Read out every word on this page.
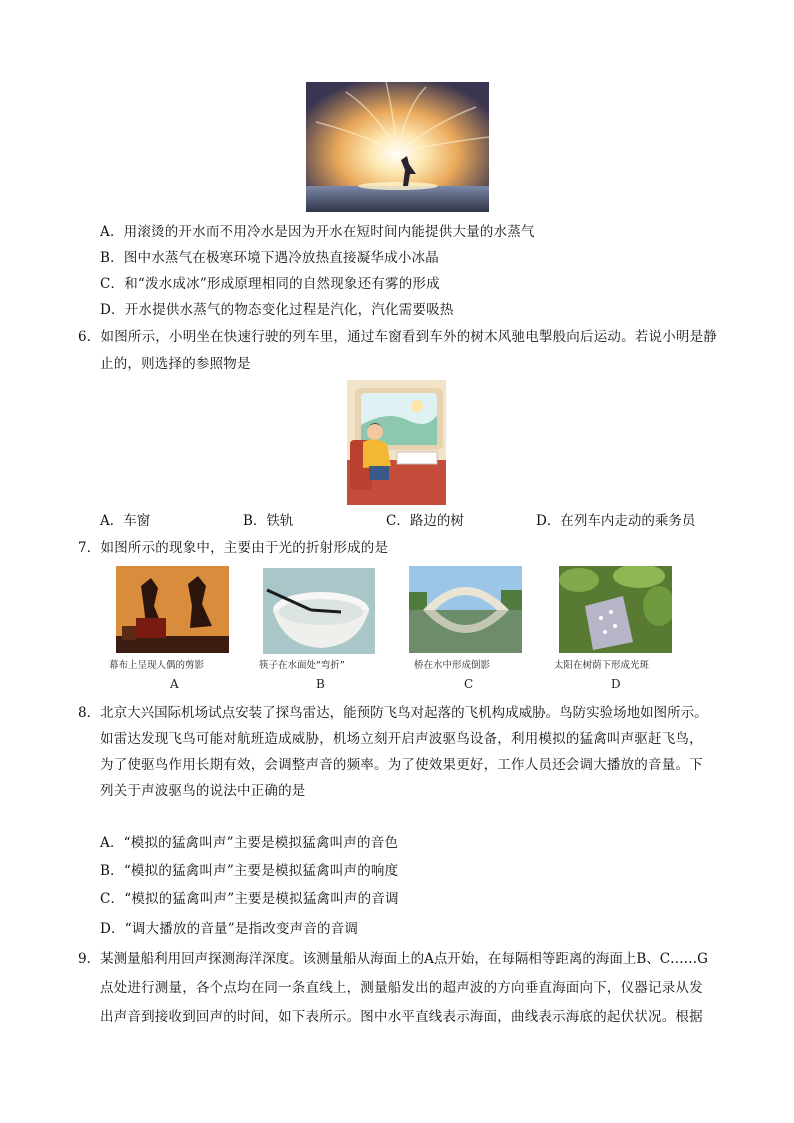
A．用滚烫的开水而不用冷水是因为开水在短时间内能提供大量的水蒸气
B．图中水蒸气在极寒环境下遇冷放热直接凝华成小冰晶
C．和“泼水成冰”形成原理相同的自然现象还有雾的形成
D．开水提供水蒸气的物态变化过程是汽化，汽化需要吸热
6．如图所示，小明坐在快速行驶的列车里，通过车窗看到车外的树木风驰电掣般向后运动。若说小明是静
止的，则选择的参照物是
A．车窗	B．铁轨	C．路边的树	D．在列车内走动的乘务员
7．如图所示的现象中，主要由于光的折射形成的是
幕布上呈现人偶的剪影	筷子在水面处“弯折”	桥在水中形成倒影	太阳在树荫下形成光斑
A	B	C	D
8．北京大兴国际机场试点安装了探鸟雷达，能预防飞鸟对起落的飞机构成威胁。鸟防实验场地如图所示。
如雷达发现飞鸟可能对航班造成威胁，机场立刻开启声波驱鸟设备，利用模拟的猛禽叫声驱赶飞鸟，
为了使驱鸟作用长期有效，会调整声音的频率。为了使效果更好，工作人员还会调大播放的音量。下
列关于声波驱鸟的说法中正确的是
A．“模拟的猛禽叫声”主要是模拟猛禽叫声的音色
B．“模拟的猛禽叫声”主要是模拟猛禽叫声的响度
C．“模拟的猛禽叫声”主要是模拟猛禽叫声的音调
D．“调大播放的音量”是指改变声音的音调
9．某测量船利用回声探测海洋深度。该测量船从海面上的A点开始，在每隔相等距离的海面上B、C……G
点处进行测量，各个点均在同一条直线上，测量船发出的超声波的方向垂直海面向下，仪器记录从发
出声音到接收到回声的时间，如下表所示。图中水平直线表示海面，曲线表示海底的起伏状况。根据
